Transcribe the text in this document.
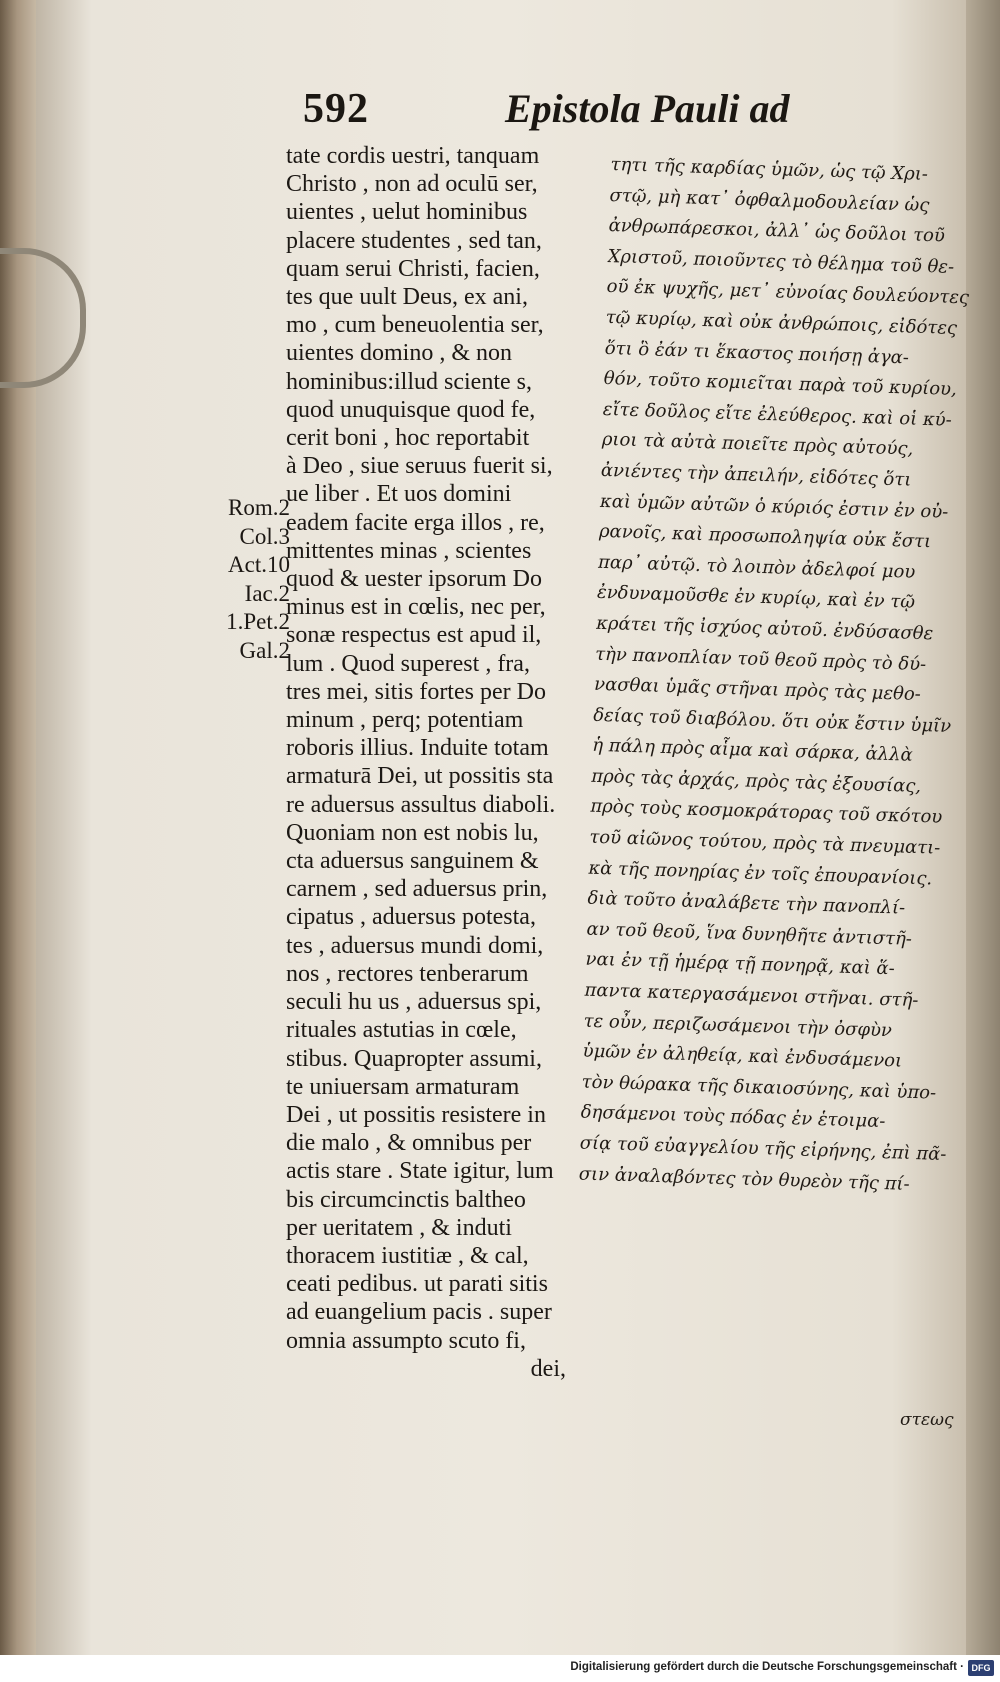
592	Epistola Pauli ad
Rom.2
Col.3
Act.10
Iac.2
1.Pet.2
Gal.2
tate cordis uestri, tanquam
Christo , non ad oculū ser,
uientes , uelut hominibus
placere studentes , sed tan,
quam serui Christi, facien,
tes que uult Deus, ex ani,
mo , cum beneuolentia ser,
uientes domino , & non
hominibus:illud sciente s,
quod unuquisque quod fe,
cerit boni , hoc reportabit
à Deo , siue seruus fuerit si,
ue liber . Et uos domini
eadem facite erga illos , re,
mittentes minas , scientes
quod & uester ipsorum Do
minus est in cœlis, nec per,
sonæ respectus est apud il,
lum . Quod superest , fra,
tres mei, sitis fortes per Do
minum , perq; potentiam
roboris illius. Induite totam
armaturā Dei, ut possitis sta
re aduersus assultus diaboli.
Quoniam non est nobis lu,
cta aduersus sanguinem &
carnem , sed aduersus prin,
cipatus , aduersus potesta,
tes , aduersus mundi domi,
nos , rectores tenberarum
seculi hu us , aduersus spi,
rituales astutias in cœle,
stibus. Quapropter assumi,
te uniuersam armaturam
Dei , ut possitis resistere in
die malo , & omnibus per
actis stare . State igitur, lum
bis circumcinctis baltheo
per ueritatem , & induti
thoracem iustitiæ , & cal,
ceati pedibus. ut parati sitis
ad euangelium pacis . super
omnia assumpto scuto fi,
dei,
τητι τῆς καρδίας ὑμῶν, ὡς τῷ Χρι-
στῷ, μὴ κατ᾽ ὀφθαλμοδουλείαν ὡς
ἀνθρωπάρεσκοι, ἀλλ᾽ ὡς δοῦλοι τοῦ
Χριστοῦ, ποιοῦντες τὸ θέλημα τοῦ θε-
οῦ ἐκ ψυχῆς, μετ᾽ εὐνοίας δουλεύοντες
τῷ κυρίῳ, καὶ οὐκ ἀνθρώποις, εἰδότες
ὅτι ὃ ἐάν τι ἕκαστος ποιήσῃ ἀγα-
θόν, τοῦτο κομιεῖται παρὰ τοῦ κυρίου,
εἴτε δοῦλος εἴτε ἐλεύθερος. καὶ οἱ κύ-
ριοι τὰ αὐτὰ ποιεῖτε πρὸς αὐτούς,
ἀνιέντες τὴν ἀπειλήν, εἰδότες ὅτι
καὶ ὑμῶν αὐτῶν ὁ κύριός ἐστιν ἐν οὐ-
ρανοῖς, καὶ προσωποληψία οὐκ ἔστι
παρ᾽ αὐτῷ. τὸ λοιπὸν ἀδελφοί μου
ἐνδυναμοῦσθε ἐν κυρίῳ, καὶ ἐν τῷ
κράτει τῆς ἰσχύος αὐτοῦ. ἐνδύσασθε
τὴν πανοπλίαν τοῦ θεοῦ πρὸς τὸ δύ-
νασθαι ὑμᾶς στῆναι πρὸς τὰς μεθο-
δείας τοῦ διαβόλου. ὅτι οὐκ ἔστιν ὑμῖν
ἡ πάλη πρὸς αἷμα καὶ σάρκα, ἀλλὰ
πρὸς τὰς ἀρχάς, πρὸς τὰς ἐξουσίας,
πρὸς τοὺς κοσμοκράτορας τοῦ σκότου
τοῦ αἰῶνος τούτου, πρὸς τὰ πνευματι-
κὰ τῆς πονηρίας ἐν τοῖς ἐπουρανίοις.
διὰ τοῦτο ἀναλάβετε τὴν πανοπλί-
αν τοῦ θεοῦ, ἵνα δυνηθῆτε ἀντιστῆ-
ναι ἐν τῇ ἡμέρᾳ τῇ πονηρᾷ, καὶ ἅ-
παντα κατεργασάμενοι στῆναι. στῆ-
τε οὖν, περιζωσάμενοι τὴν ὀσφὺν
ὑμῶν ἐν ἀληθείᾳ, καὶ ἐνδυσάμενοι
τὸν θώρακα τῆς δικαιοσύνης, καὶ ὑπο-
δησάμενοι τοὺς πόδας ἐν ἑτοιμα-
σίᾳ τοῦ εὐαγγελίου τῆς εἰρήνης, ἐπὶ πᾶ-
σιν ἀναλαβόντες τὸν θυρεὸν τῆς πί-
στεως
Digitalisierung gefördert durch die Deutsche Forschungsgemeinschaft · DFG
